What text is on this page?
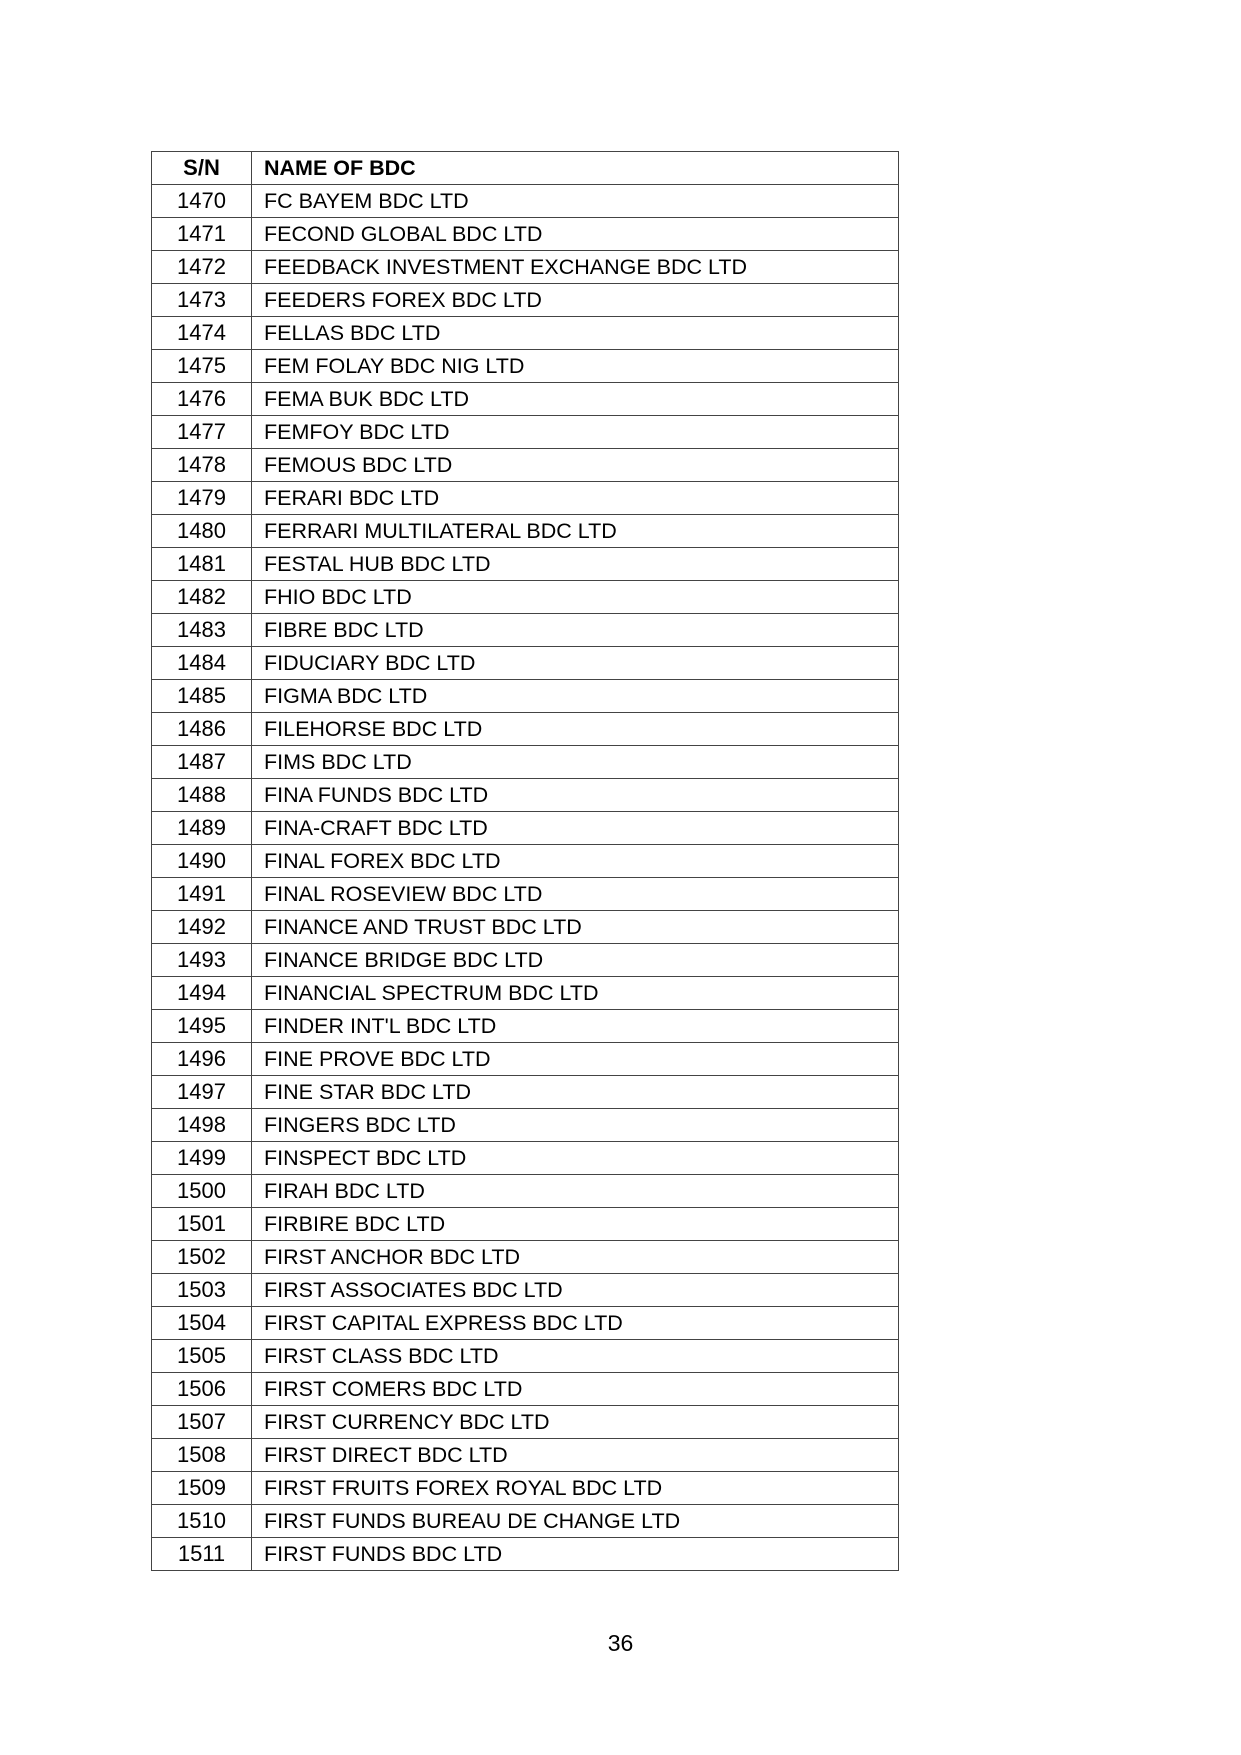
S/N	NAME OF BDC
1470	FC BAYEM BDC LTD
1471	FECOND GLOBAL BDC LTD
1472	FEEDBACK INVESTMENT EXCHANGE BDC LTD
1473	FEEDERS FOREX BDC LTD
1474	FELLAS BDC LTD
1475	FEM FOLAY BDC NIG LTD
1476	FEMA BUK BDC LTD
1477	FEMFOY BDC LTD
1478	FEMOUS BDC LTD
1479	FERARI BDC LTD
1480	FERRARI MULTILATERAL BDC LTD
1481	FESTAL HUB BDC LTD
1482	FHIO BDC LTD
1483	FIBRE BDC LTD
1484	FIDUCIARY BDC LTD
1485	FIGMA BDC LTD
1486	FILEHORSE BDC LTD
1487	FIMS BDC LTD
1488	FINA FUNDS BDC LTD
1489	FINA-CRAFT BDC LTD
1490	FINAL FOREX BDC LTD
1491	FINAL ROSEVIEW BDC LTD
1492	FINANCE AND TRUST BDC LTD
1493	FINANCE BRIDGE BDC LTD
1494	FINANCIAL SPECTRUM BDC LTD
1495	FINDER INT'L BDC LTD
1496	FINE PROVE BDC LTD
1497	FINE STAR BDC LTD
1498	FINGERS BDC LTD
1499	FINSPECT BDC LTD
1500	FIRAH BDC LTD
1501	FIRBIRE BDC LTD
1502	FIRST ANCHOR BDC LTD
1503	FIRST ASSOCIATES BDC LTD
1504	FIRST CAPITAL EXPRESS BDC LTD
1505	FIRST CLASS BDC LTD
1506	FIRST COMERS BDC LTD
1507	FIRST CURRENCY BDC LTD
1508	FIRST DIRECT BDC LTD
1509	FIRST FRUITS FOREX ROYAL BDC LTD
1510	FIRST FUNDS BUREAU DE CHANGE LTD
1511	FIRST FUNDS BDC LTD
36
